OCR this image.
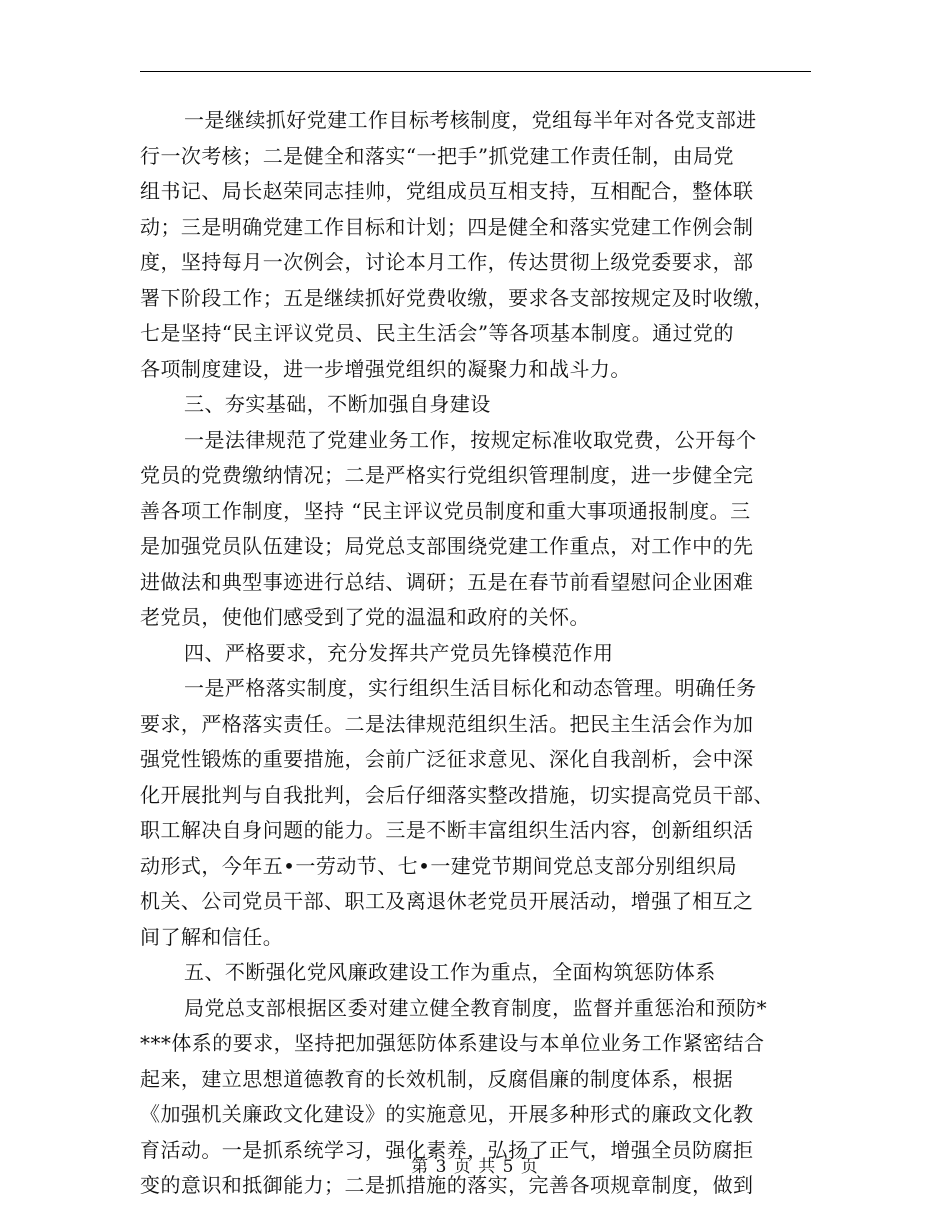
一是继续抓好党建工作目标考核制度，党组每半年对各党支部进
行一次考核；二是健全和落实“一把手”抓党建工作责任制，由局党
组书记、局长赵荣同志挂帅，党组成员互相支持，互相配合，整体联
动；三是明确党建工作目标和计划；四是健全和落实党建工作例会制
度，坚持每月一次例会，讨论本月工作，传达贯彻上级党委要求，部
署下阶段工作；五是继续抓好党费收缴，要求各支部按规定及时收缴，
七是坚持“民主评议党员、民主生活会”等各项基本制度。通过党的
各项制度建设，进一步增强党组织的凝聚力和战斗力。
三、夯实基础，不断加强自身建设
一是法律规范了党建业务工作，按规定标准收取党费，公开每个
党员的党费缴纳情况；二是严格实行党组织管理制度，进一步健全完
善各项工作制度，坚持 “民主评议党员制度和重大事项通报制度。三
是加强党员队伍建设；局党总支部围绕党建工作重点，对工作中的先
进做法和典型事迹进行总结、调研；五是在春节前看望慰问企业困难
老党员，使他们感受到了党的温温和政府的关怀。
四、严格要求，充分发挥共产党员先锋模范作用
一是严格落实制度，实行组织生活目标化和动态管理。明确任务
要求，严格落实责任。二是法律规范组织生活。把民主生活会作为加
强党性锻炼的重要措施，会前广泛征求意见、深化自我剖析，会中深
化开展批判与自我批判，会后仔细落实整改措施，切实提高党员干部、
职工解决自身问题的能力。三是不断丰富组织生活内容，创新组织活
动形式，今年五•一劳动节、七•一建党节期间党总支部分别组织局
机关、公司党员干部、职工及离退休老党员开展活动，增强了相互之
间了解和信任。
五、不断强化党风廉政建设工作为重点，全面构筑惩防体系
局党总支部根据区委对建立健全教育制度，监督并重惩治和预防*
***体系的要求，坚持把加强惩防体系建设与本单位业务工作紧密结合
起来，建立思想道德教育的长效机制，反腐倡廉的制度体系，根据
《加强机关廉政文化建设》的实施意见，开展多种形式的廉政文化教
育活动。一是抓系统学习，强化素养，弘扬了正气，增强全员防腐拒
变的意识和抵御能力；二是抓措施的落实，完善各项规章制度，做到
第 3 页 共 5 页
